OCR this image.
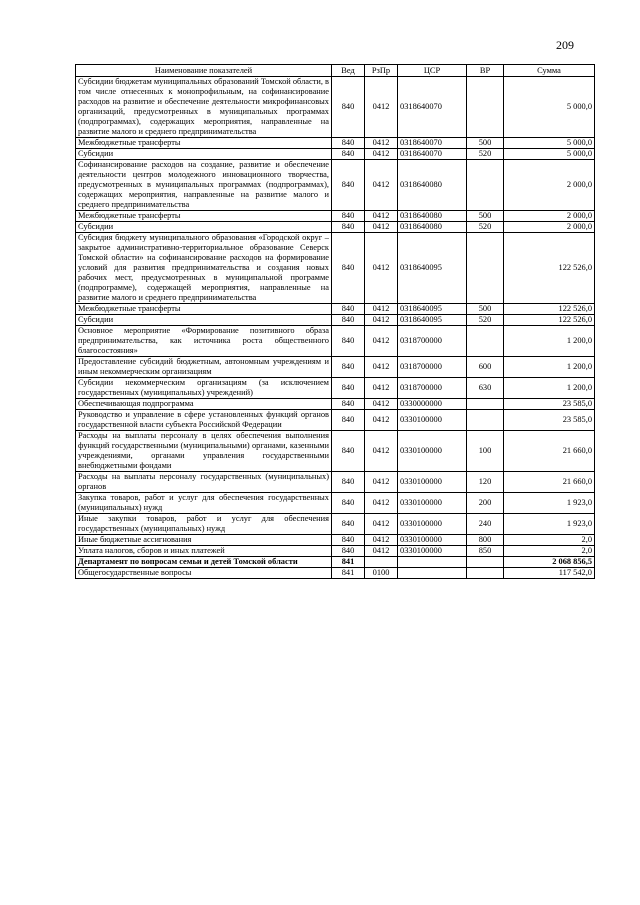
209
Наименование показателей	Вед	РзПр	ЦСР	ВР	Сумма
Субсидии бюджетам муниципальных образований Томской области, в том числе отнесенных к монопрофильным, на софинансирование расходов на развитие и обеспечение деятельности микрофинансовых организаций, предусмотренных в муниципальных программах (подпрограммах), содержащих мероприятия, направленные на развитие малого и среднего предпринимательства	840	0412	0318640070		5 000,0
Межбюджетные трансферты	840	0412	0318640070	500	5 000,0
Субсидии	840	0412	0318640070	520	5 000,0
Софинансирование расходов на создание, развитие и обеспечение деятельности центров молодежного инновационного творчества, предусмотренных в муниципальных программах (подпрограммах), содержащих мероприятия, направленные на развитие малого и среднего предпринимательства	840	0412	0318640080		2 000,0
Межбюджетные трансферты	840	0412	0318640080	500	2 000,0
Субсидии	840	0412	0318640080	520	2 000,0
Субсидия бюджету муниципального образования «Городской округ – закрытое административно-территориальное образование Северск Томской области» на софинансирование расходов на формирование условий для развития предпринимательства и создания новых рабочих мест, предусмотренных в муниципальной программе (подпрограмме), содержащей мероприятия, направленные на развитие малого и среднего предпринимательства	840	0412	0318640095		122 526,0
Межбюджетные трансферты	840	0412	0318640095	500	122 526,0
Субсидии	840	0412	0318640095	520	122 526,0
Основное мероприятие «Формирование позитивного образа предпринимательства, как источника роста общественного благосостояния»	840	0412	0318700000		1 200,0
Предоставление субсидий бюджетным, автономным учреждениям и иным некоммерческим организациям	840	0412	0318700000	600	1 200,0
Субсидии некоммерческим организациям (за исключением государственных (муниципальных) учреждений)	840	0412	0318700000	630	1 200,0
Обеспечивающая подпрограмма	840	0412	0330000000		23 585,0
Руководство и управление в сфере установленных функций органов государственной власти субъекта Российской Федерации	840	0412	0330100000		23 585,0
Расходы на выплаты персоналу в целях обеспечения выполнения функций государственными (муниципальными) органами, казенными учреждениями, органами управления государственными внебюджетными фондами	840	0412	0330100000	100	21 660,0
Расходы на выплаты персоналу государственных (муниципальных) органов	840	0412	0330100000	120	21 660,0
Закупка товаров, работ и услуг для обеспечения государственных (муниципальных) нужд	840	0412	0330100000	200	1 923,0
Иные закупки товаров, работ и услуг для обеспечения государственных (муниципальных) нужд	840	0412	0330100000	240	1 923,0
Иные бюджетные ассигнования	840	0412	0330100000	800	2,0
Уплата налогов, сборов и иных платежей	840	0412	0330100000	850	2,0
Департамент по вопросам семьи и детей Томской области	841				2 068 856,5
Общегосударственные вопросы	841	0100			117 542,0
